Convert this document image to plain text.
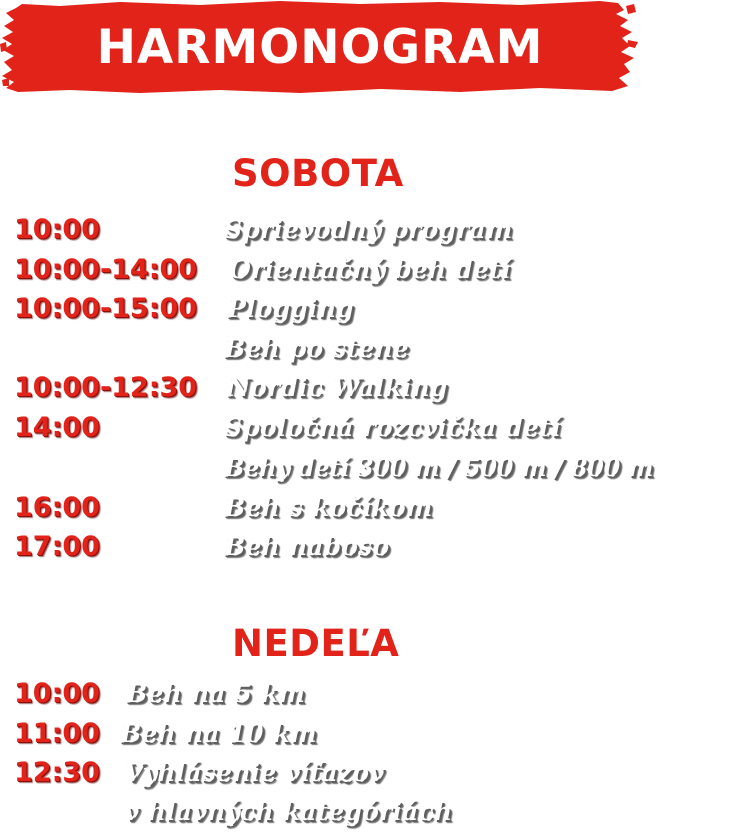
HARMONOGRAM
SOBOTA
10:00	Sprievodný program
10:00-14:00 Orientačný beh detí
10:00-15:00 Plogging
Beh po stene
10:00-12:30 Nordic Walking
14:00	Spoločná rozcvička detí
Behy detí 300 m / 500 m / 800 m
16:00	Beh s kočíkom
17:00	Beh naboso
NEDEĽA
10:00 Beh na 5 km
11:00 Beh na 10 km
12:30 Vyhlásenie víťazov
v hlavných kategóriách
